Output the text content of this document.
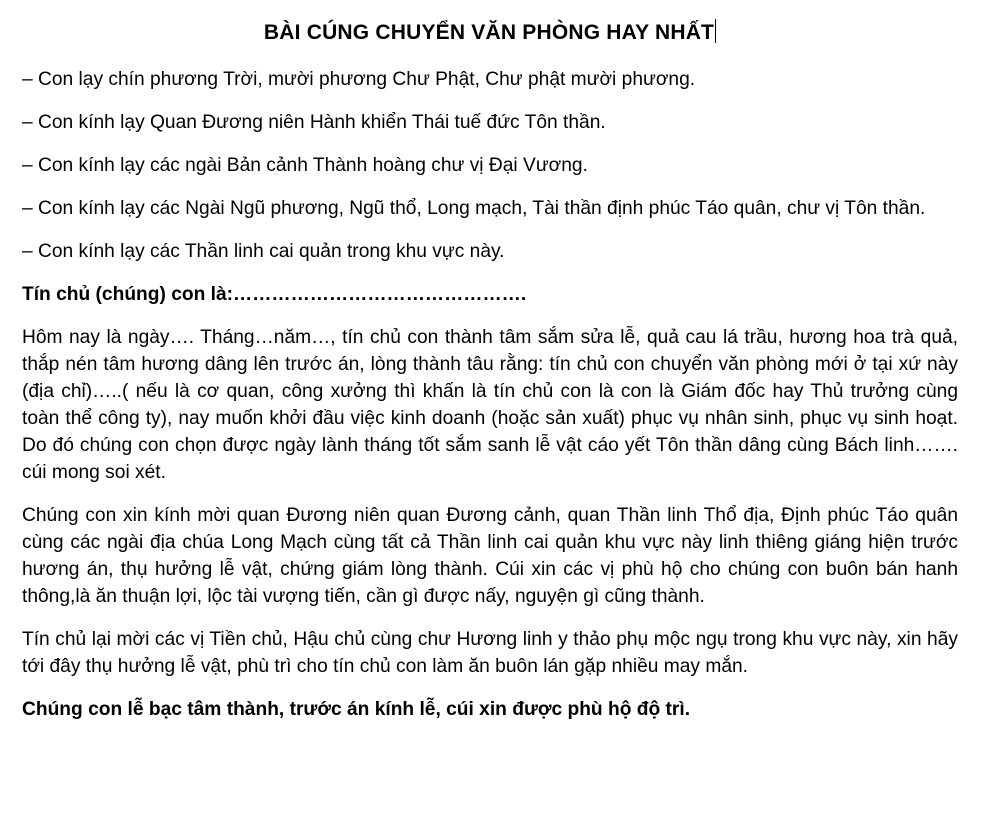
BÀI CÚNG CHUYỂN VĂN PHÒNG HAY NHẤT

– Con lạy chín phương Trời, mười phương Chư Phật, Chư phật mười phương.

– Con kính lạy Quan Đương niên Hành khiển Thái tuế đức Tôn thần.

– Con kính lạy các ngài Bản cảnh Thành hoàng chư vị Đại Vương.

– Con kính lạy các Ngài Ngũ phương, Ngũ thổ, Long mạch, Tài thần định phúc Táo quân, chư vị Tôn thần.

– Con kính lạy các Thần linh cai quản trong khu vực này.

Tín chủ (chúng) con là:……………………………………….

Hôm nay là ngày…. Tháng…năm…, tín chủ con thành tâm sắm sửa lễ, quả cau lá trầu, hương hoa trà quả, thắp nén tâm hương dâng lên trước án, lòng thành tâu rằng: tín chủ con chuyển văn phòng mới ở tại xứ này (địa chỉ)…..( nếu là cơ quan, công xưởng thì khấn là tín chủ con là con là Giám đốc hay Thủ trưởng cùng toàn thể công ty), nay muốn khởi đầu việc kinh doanh (hoặc sản xuất) phục vụ nhân sinh, phục vụ sinh hoạt. Do đó chúng con chọn được ngày lành tháng tốt sắm sanh lễ vật cáo yết Tôn thần dâng cùng Bách linh……. cúi mong soi xét.

Chúng con xin kính mời quan Đương niên quan Đương cảnh, quan Thần linh Thổ địa, Định phúc Táo quân cùng các ngài địa chúa Long Mạch cùng tất cả Thần linh cai quản khu vực này linh thiêng giáng hiện trước hương án, thụ hưởng lễ vật, chứng giám lòng thành. Cúi xin các vị phù hộ cho chúng con buôn bán hanh thông,là ăn thuận lợi, lộc tài vượng tiến, cần gì được nấy, nguyện gì cũng thành.

Tín chủ lại mời các vị Tiền chủ, Hậu chủ cùng chư Hương linh y thảo phụ mộc ngụ trong khu vực này, xin hãy tới đây thụ hưởng lễ vật, phù trì cho tín chủ con làm ăn buôn lán gặp nhiều may mắn.

Chúng con lễ bạc tâm thành, trước án kính lễ, cúi xin được phù hộ độ trì.
